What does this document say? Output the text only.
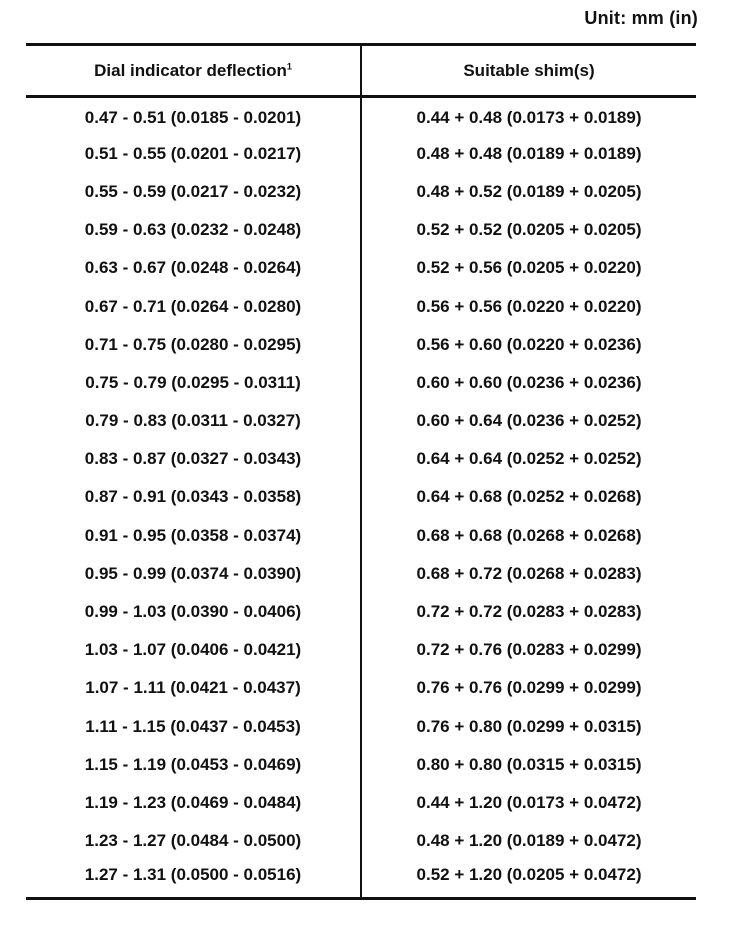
Unit: mm (in)
Dial indicator deflection$^1$	Suitable shim(s)
0.47 - 0.51 (0.0185 - 0.0201)	0.44 + 0.48 (0.0173 + 0.0189)
0.51 - 0.55 (0.0201 - 0.0217)	0.48 + 0.48 (0.0189 + 0.0189)
0.55 - 0.59 (0.0217 - 0.0232)	0.48 + 0.52 (0.0189 + 0.0205)
0.59 - 0.63 (0.0232 - 0.0248)	0.52 + 0.52 (0.0205 + 0.0205)
0.63 - 0.67 (0.0248 - 0.0264)	0.52 + 0.56 (0.0205 + 0.0220)
0.67 - 0.71 (0.0264 - 0.0280)	0.56 + 0.56 (0.0220 + 0.0220)
0.71 - 0.75 (0.0280 - 0.0295)	0.56 + 0.60 (0.0220 + 0.0236)
0.75 - 0.79 (0.0295 - 0.0311)	0.60 + 0.60 (0.0236 + 0.0236)
0.79 - 0.83 (0.0311 - 0.0327)	0.60 + 0.64 (0.0236 + 0.0252)
0.83 - 0.87 (0.0327 - 0.0343)	0.64 + 0.64 (0.0252 + 0.0252)
0.87 - 0.91 (0.0343 - 0.0358)	0.64 + 0.68 (0.0252 + 0.0268)
0.91 - 0.95 (0.0358 - 0.0374)	0.68 + 0.68 (0.0268 + 0.0268)
0.95 - 0.99 (0.0374 - 0.0390)	0.68 + 0.72 (0.0268 + 0.0283)
0.99 - 1.03 (0.0390 - 0.0406)	0.72 + 0.72 (0.0283 + 0.0283)
1.03 - 1.07 (0.0406 - 0.0421)	0.72 + 0.76 (0.0283 + 0.0299)
1.07 - 1.11 (0.0421 - 0.0437)	0.76 + 0.76 (0.0299 + 0.0299)
1.11 - 1.15 (0.0437 - 0.0453)	0.76 + 0.80 (0.0299 + 0.0315)
1.15 - 1.19 (0.0453 - 0.0469)	0.80 + 0.80 (0.0315 + 0.0315)
1.19 - 1.23 (0.0469 - 0.0484)	0.44 + 1.20 (0.0173 + 0.0472)
1.23 - 1.27 (0.0484 - 0.0500)	0.48 + 1.20 (0.0189 + 0.0472)
1.27 - 1.31 (0.0500 - 0.0516)	0.52 + 1.20 (0.0205 + 0.0472)
